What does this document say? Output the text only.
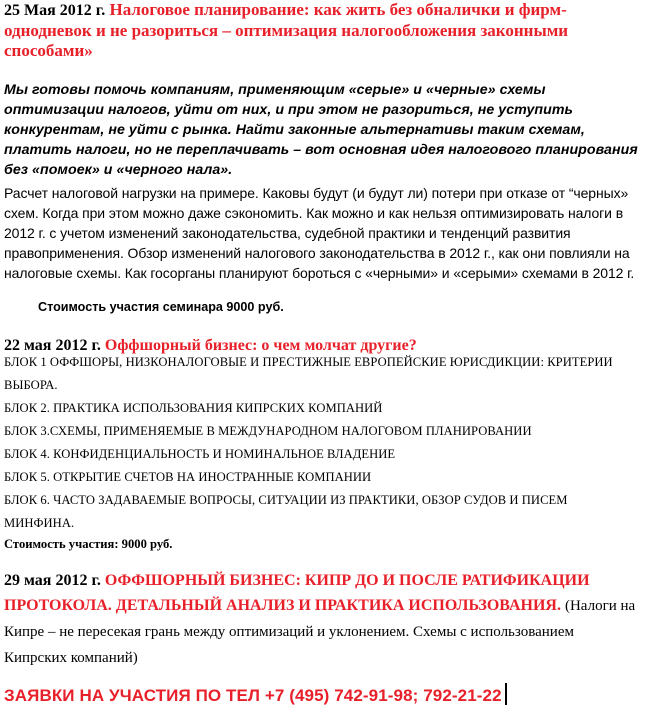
25 Мая 2012 г. Налоговое планирование: как жить без обналички и фирм-однодневок и не разориться – оптимизация налогообложения законными способами»
Мы готовы помочь компаниям, применяющим «серые» и «черные» схемы оптимизации налогов, уйти от них, и при этом не разориться, не уступить конкурентам, не уйти с рынка. Найти законные альтернативы таким схемам, платить налоги, но не переплачивать – вот основная идея налогового планирования без «помоек» и «черного нала».
Расчет налоговой нагрузки на примере. Каковы будут (и будут ли) потери при отказе от “черных» схем. Когда при этом можно даже сэкономить. Как можно и как нельзя оптимизировать налоги в 2012 г. с учетом изменений законодательства, судебной практики и тенденций развития правоприменения. Обзор изменений налогового законодательства в 2012 г., как они повлияли на налоговые схемы. Как госорганы планируют бороться с «черными» и «серыми» схемами в 2012 г.
Стоимость участия семинара 9000 руб.
22 мая 2012 г. Оффшорный бизнес: о чем молчат другие?
БЛОК 1 ОФФШОРЫ, НИЗКОНАЛОГОВЫЕ И ПРЕСТИЖНЫЕ ЕВРОПЕЙСКИЕ ЮРИСДИКЦИИ: КРИТЕРИИ ВЫБОРА.
БЛОК 2. ПРАКТИКА ИСПОЛЬЗОВАНИЯ КИПРСКИХ КОМПАНИЙ
БЛОК 3.СХЕМЫ, ПРИМЕНЯЕМЫЕ В МЕЖДУНАРОДНОМ НАЛОГОВОМ ПЛАНИРОВАНИИ
БЛОК 4. КОНФИДЕНЦИАЛЬНОСТЬ И НОМИНАЛЬНОЕ ВЛАДЕНИЕ
БЛОК 5. ОТКРЫТИЕ СЧЕТОВ НА ИНОСТРАННЫЕ КОМПАНИИ
БЛОК 6. ЧАСТО ЗАДАВАЕМЫЕ ВОПРОСЫ, СИТУАЦИИ ИЗ ПРАКТИКИ, ОБЗОР СУДОВ И ПИСЕМ МИНФИНА.
Стоимость участия: 9000 руб.
29 мая 2012 г. ОФФШОРНЫЙ БИЗНЕС: КИПР ДО И ПОСЛЕ РАТИФИКАЦИИ ПРОТОКОЛА. ДЕТАЛЬНЫЙ АНАЛИЗ И ПРАКТИКА ИСПОЛЬЗОВАНИЯ. (Налоги на Кипре – не пересекая грань между оптимизаций и уклонением. Схемы с использованием Кипрских компаний)
ЗАЯВКИ НА УЧАСТИЯ ПО ТЕЛ +7 (495) 742-91-98; 792-21-22
